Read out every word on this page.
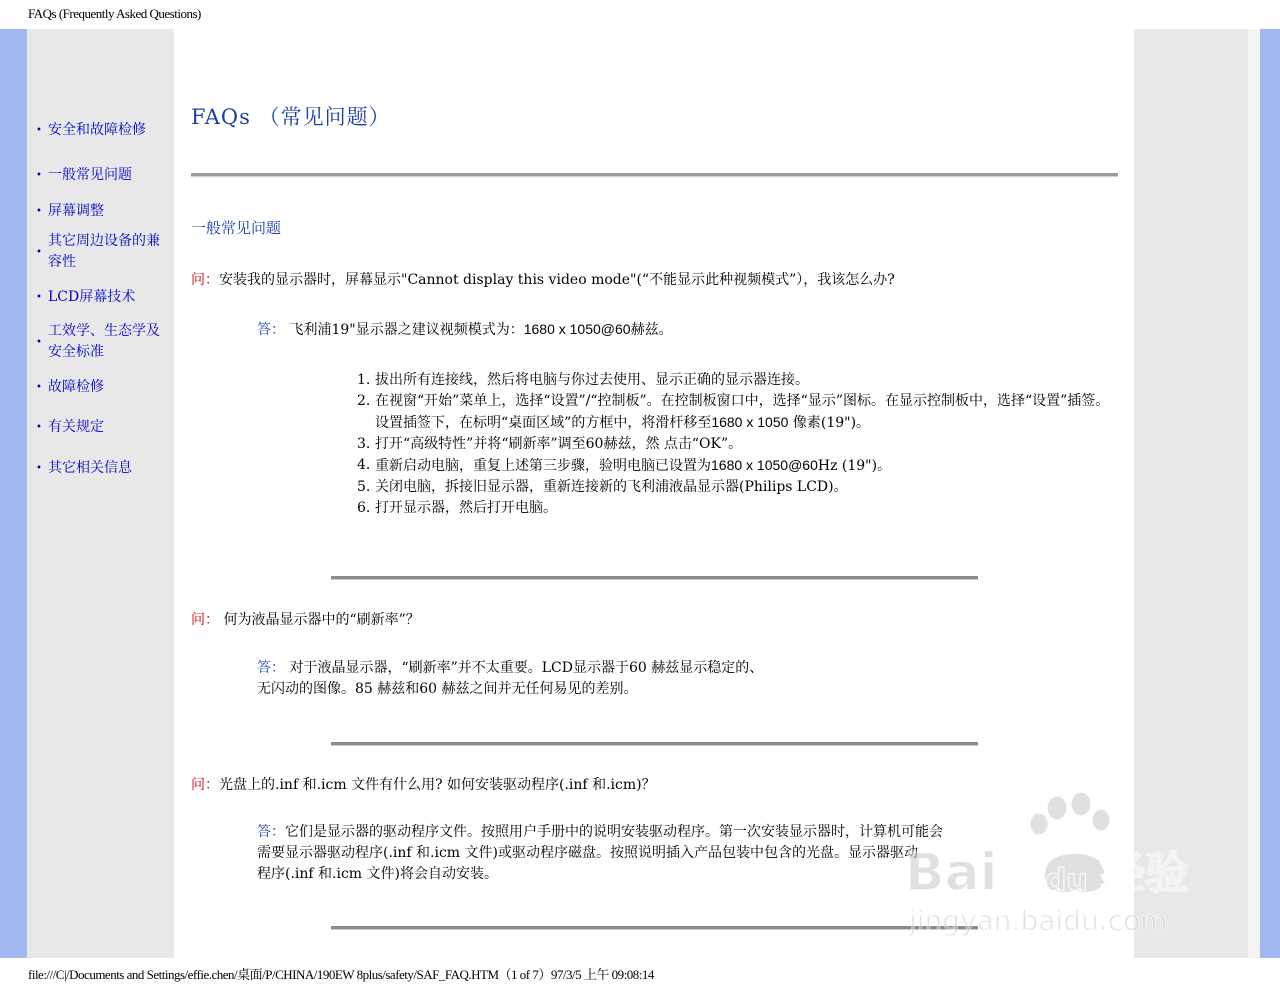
FAQs (Frequently Asked Questions)
• 安全和故障检修
• 一般常见问题
• 屏幕调整
•
其它周边设备的兼容性
• LCD屏幕技术
•
工效学、生态学及安全标准
• 故障检修
• 有关规定
• 其它相关信息
FAQs （常见问题）
一般常见问题
问：安装我的显示器时，屏幕显示"Cannot display this video mode"(“不能显示此种视频模式”），我该怎么办?
答： 飞利浦19"显示器之建议视频模式为：1680 x 1050@60赫兹。
1. 拔出所有连接线，然后将电脑与你过去使用、显示正确的显示器连接。
2. 在视窗“开始”菜单上，选择“设置”/“控制板”。在控制板窗口中，选择“显示”图标。在显示控制板中，选择“设置”插签。设置插签下，在标明“桌面区域”的方框中，将滑杆移至1680 x 1050 像素(19")。
3. 打开“高级特性”并将“刷新率”调至60赫兹，然 点击“OK”。
4. 重新启动电脑，重复上述第三步骤，验明电脑已设置为1680 x 1050@60Hz (19")。
5. 关闭电脑，拆接旧显示器，重新连接新的飞利浦液晶显示器(Philips LCD)。
6. 打开显示器，然后打开电脑。
问： 何为液晶显示器中的“刷新率”？
答： 对于液晶显示器，“刷新率”并不太重要。LCD显示器于60 赫兹显示稳定的、
无闪动的图像。85 赫兹和60 赫兹之间并无任何易见的差别。
问：光盘上的.inf 和.icm 文件有什么用? 如何安装驱动程序(.inf 和.icm)？
答：它们是显示器的驱动程序文件。按照用户手册中的说明安装驱动程序。第一次安装显示器时，计算机可能会
需要显示器驱动程序(.inf 和.icm 文件)或驱动程序磁盘。按照说明插入产品包装中包含的光盘。显示器驱动
程序(.inf 和.icm 文件)将会自动安装。	Bai du 经验
jingyan.baidu.com
file:///C|/Documents and Settings/effie.chen/桌面/P/CHINA/190EW 8plus/safety/SAF_FAQ.HTM（1 of 7）97/3/5 上午 09:08:14
